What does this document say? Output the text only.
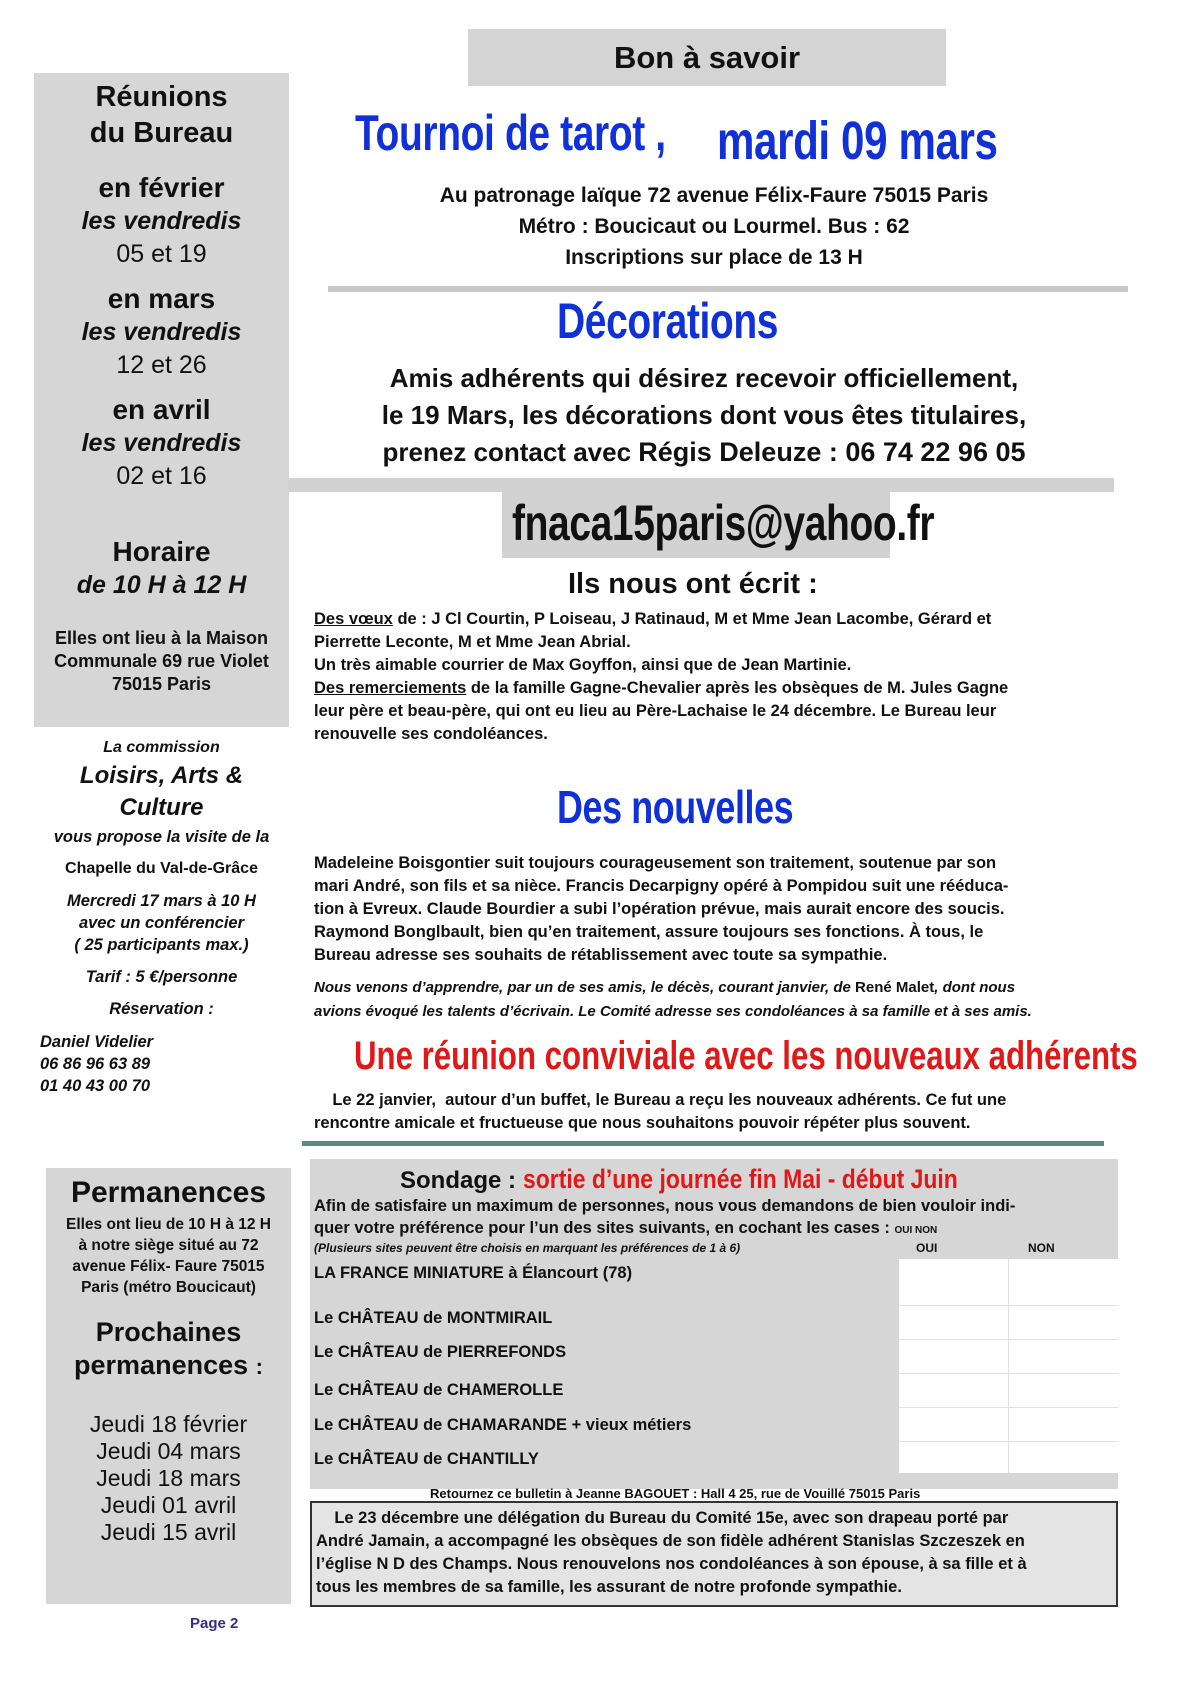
Bon à savoir
Réunions
du Bureau
en février
les vendredis
05 et 19
en mars
les vendredis
12 et 26
en avril
les vendredis
02 et 16
Horaire
de 10 H à 12 H
Elles ont lieu à la Maison
Communale 69 rue Violet
75015 Paris
La commission
Loisirs, Arts &
Culture
vous propose la visite de la
Chapelle du Val-de-Grâce
Mercredi 17 mars à 10 H
avec un conférencier
( 25 participants max.)
Tarif : 5 €/personne
Réservation :
Daniel Videlier
06 86 96 63 89
01 40 43 00 70
Permanences
Elles ont lieu de 10 H à 12 H
à notre siège situé au 72
avenue Félix- Faure 75015
Paris (métro Boucicaut)
Prochaines
permanences :
Jeudi 18 février
Jeudi 04 mars
Jeudi 18 mars
Jeudi 01 avril
Jeudi 15 avril
Page 2
Tournoi de tarot , mardi 09 mars
Au patronage laïque 72 avenue Félix-Faure 75015 Paris
Métro : Boucicaut ou Lourmel. Bus : 62
Inscriptions sur place de 13 H
Décorations
Amis adhérents qui désirez recevoir officiellement,
le 19 Mars, les décorations dont vous êtes titulaires,
prenez contact avec Régis Deleuze : 06 74 22 96 05
fnaca15paris@yahoo.fr
Ils nous ont écrit :
Des vœux de : J Cl Courtin, P Loiseau, J Ratinaud, M et Mme Jean Lacombe, Gérard et
Pierrette Leconte, M et Mme Jean Abrial.
Un très aimable courrier de Max Goyffon, ainsi que de Jean Martinie.
Des remerciements de la famille Gagne-Chevalier après les obsèques de M. Jules Gagne
leur père et beau-père, qui ont eu lieu au Père-Lachaise le 24 décembre. Le Bureau leur
renouvelle ses condoléances.
Des nouvelles
Madeleine Boisgontier suit toujours courageusement son traitement, soutenue par son
mari André, son fils et sa nièce. Francis Decarpigny opéré à Pompidou suit une rééduca-
tion à Evreux. Claude Bourdier a subi l’opération prévue, mais aurait encore des soucis.
Raymond Bonglbault, bien qu’en traitement, assure toujours ses fonctions. À tous, le
Bureau adresse ses souhaits de rétablissement avec toute sa sympathie.
Nous venons d’apprendre, par un de ses amis, le décès, courant janvier, de René Malet, dont nous
avions évoqué les talents d’écrivain. Le Comité adresse ses condoléances à sa famille et à ses amis.
Une réunion conviviale avec les nouveaux adhérents
Le 22 janvier,  autour d’un buffet, le Bureau a reçu les nouveaux adhérents. Ce fut une
rencontre amicale et fructueuse que nous souhaitons pouvoir répéter plus souvent.
Sondage : sortie d’une journée fin Mai - début Juin
Afin de satisfaire un maximum de personnes, nous vous demandons de bien vouloir indi-
quer votre préférence pour l’un des sites suivants, en cochant les cases : OUI NON
(Plusieurs sites peuvent être choisis en marquant les préférences de 1 à 6)	OUI	NON
LA FRANCE MINIATURE à Élancourt (78)
Le CHÂTEAU de MONTMIRAIL
Le CHÂTEAU de PIERREFONDS
Le CHÂTEAU de CHAMEROLLE
Le CHÂTEAU de CHAMARANDE + vieux métiers
Le CHÂTEAU de CHANTILLY
Retournez ce bulletin à Jeanne BAGOUET : Hall 4 25, rue de Vouillé 75015 Paris
Le 23 décembre une délégation du Bureau du Comité 15e, avec son drapeau porté par
André Jamain, a accompagné les obsèques de son fidèle adhérent Stanislas Szczeszek en
l’église N D des Champs. Nous renouvelons nos condoléances à son épouse, à sa fille et à
tous les membres de sa famille, les assurant de notre profonde sympathie.
